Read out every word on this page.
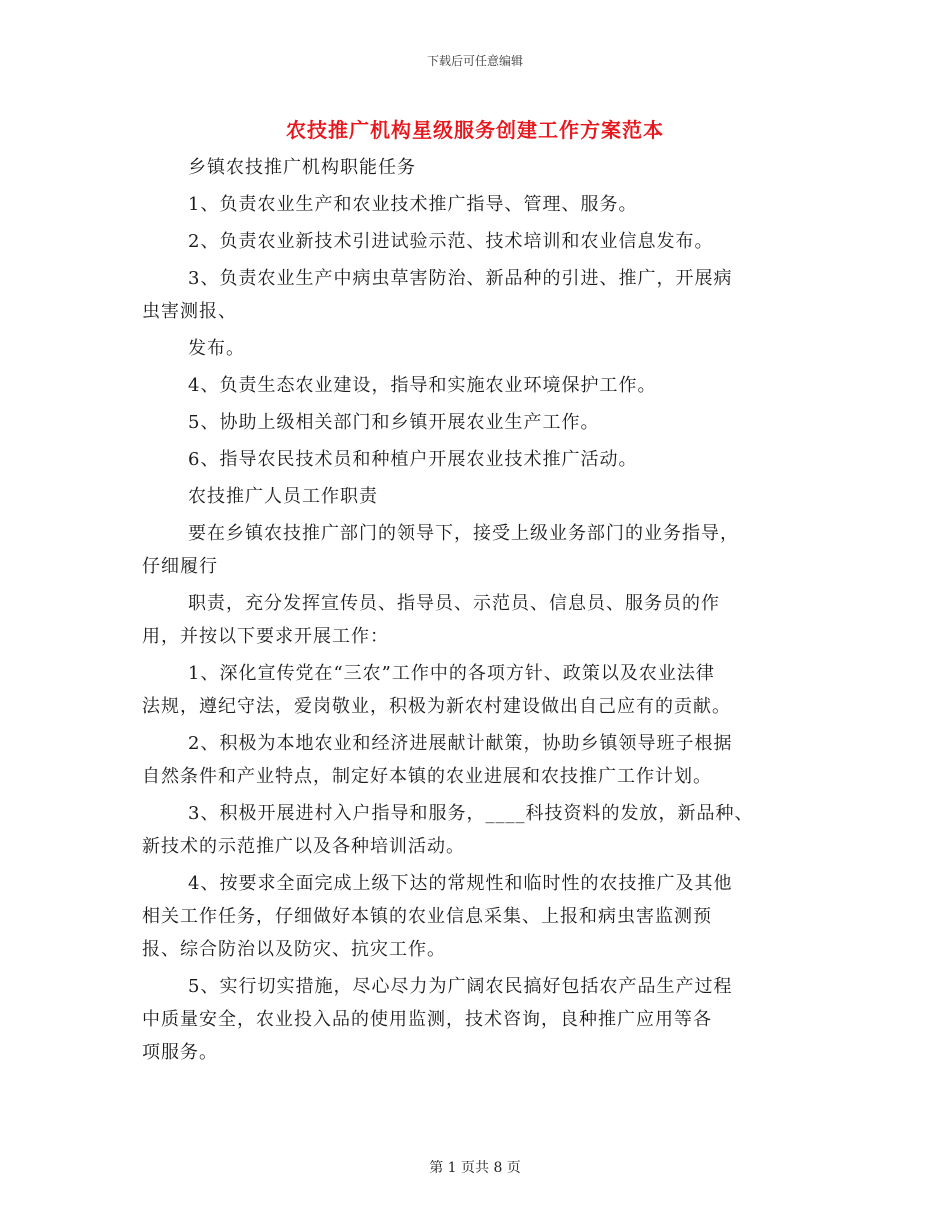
下载后可任意编辑
农技推广机构星级服务创建工作方案范本
乡镇农技推广机构职能任务
1、负责农业生产和农业技术推广指导、管理、服务。
2、负责农业新技术引进试验示范、技术培训和农业信息发布。
3、负责农业生产中病虫草害防治、新品种的引进、推广，开展病
虫害测报、
发布。
4、负责生态农业建设，指导和实施农业环境保护工作。
5、协助上级相关部门和乡镇开展农业生产工作。
6、指导农民技术员和种植户开展农业技术推广活动。
农技推广人员工作职责
要在乡镇农技推广部门的领导下，接受上级业务部门的业务指导，
仔细履行
职责，充分发挥宣传员、指导员、示范员、信息员、服务员的作
用，并按以下要求开展工作：
1、深化宣传党在“三农”工作中的各项方针、政策以及农业法律
法规，遵纪守法，爱岗敬业，积极为新农村建设做出自己应有的贡献。
2、积极为本地农业和经济进展献计献策，协助乡镇领导班子根据
自然条件和产业特点，制定好本镇的农业进展和农技推广工作计划。
3、积极开展进村入户指导和服务，____科技资料的发放，新品种、
新技术的示范推广以及各种培训活动。
4、按要求全面完成上级下达的常规性和临时性的农技推广及其他
相关工作任务，仔细做好本镇的农业信息采集、上报和病虫害监测预
报、综合防治以及防灾、抗灾工作。
5、实行切实措施，尽心尽力为广阔农民搞好包括农产品生产过程
中质量安全，农业投入品的使用监测，技术咨询，良种推广应用等各
项服务。
第 1 页共 8 页
